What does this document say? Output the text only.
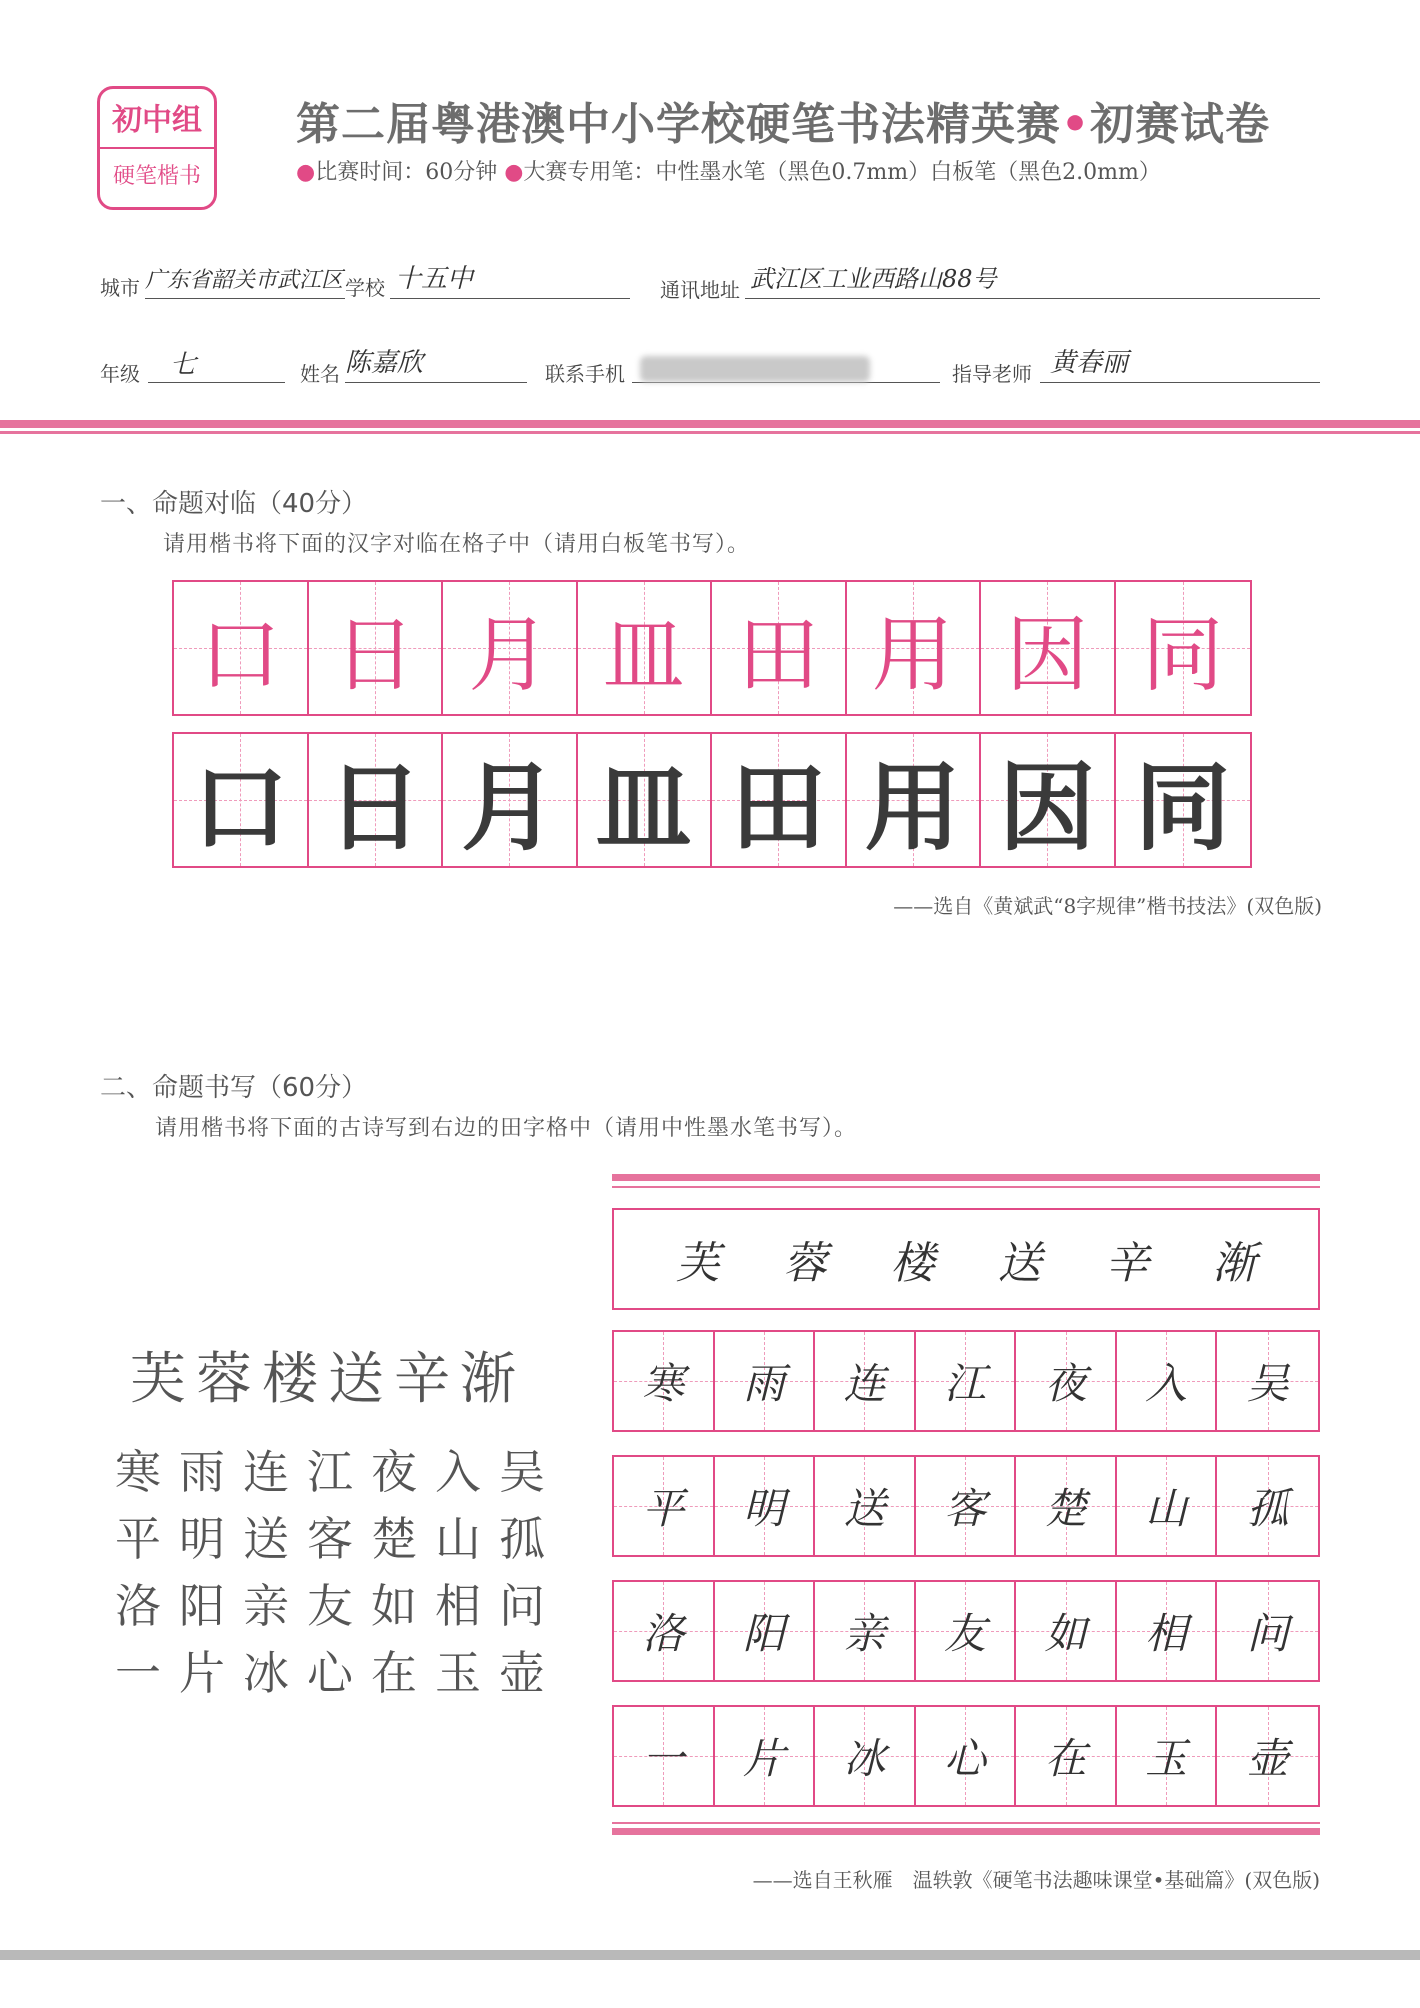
初中组
硬笔楷书
第二届粤港澳中小学校硬笔书法精英赛•初赛试卷
●比赛时间：60分钟 ●大赛专用笔：中性墨水笔（黑色0.7mm）白板笔（黑色2.0mm）
城市 广东省韶关市武江区 学校 十五中	通讯地址 武江区工业西路山88号
年级 七	姓名 陈嘉欣	联系手机	指导老师 黄春丽
一、命题对临（40分）
请用楷书将下面的汉字对临在格子中（请用白板笔书写）。
口 日 月 皿 田 用 因 同
口 日 月 皿 田 用 因 同
——选自《黄斌武“8字规律”楷书技法》(双色版)
二、命题书写（60分）
请用楷书将下面的古诗写到右边的田字格中（请用中性墨水笔书写）。
芙蓉楼送辛渐
寒雨连江夜入吴
平明送客楚山孤
洛阳亲友如相问
一片冰心在玉壶
芙 蓉 楼 送 辛 渐
寒 雨 连 江 夜 入 吴
平 明 送 客 楚 山 孤
洛 阳 亲 友 如 相 问
一 片 冰 心 在 玉 壶
——选自王秋雁　温轶敦《硬笔书法趣味课堂•基础篇》(双色版)
